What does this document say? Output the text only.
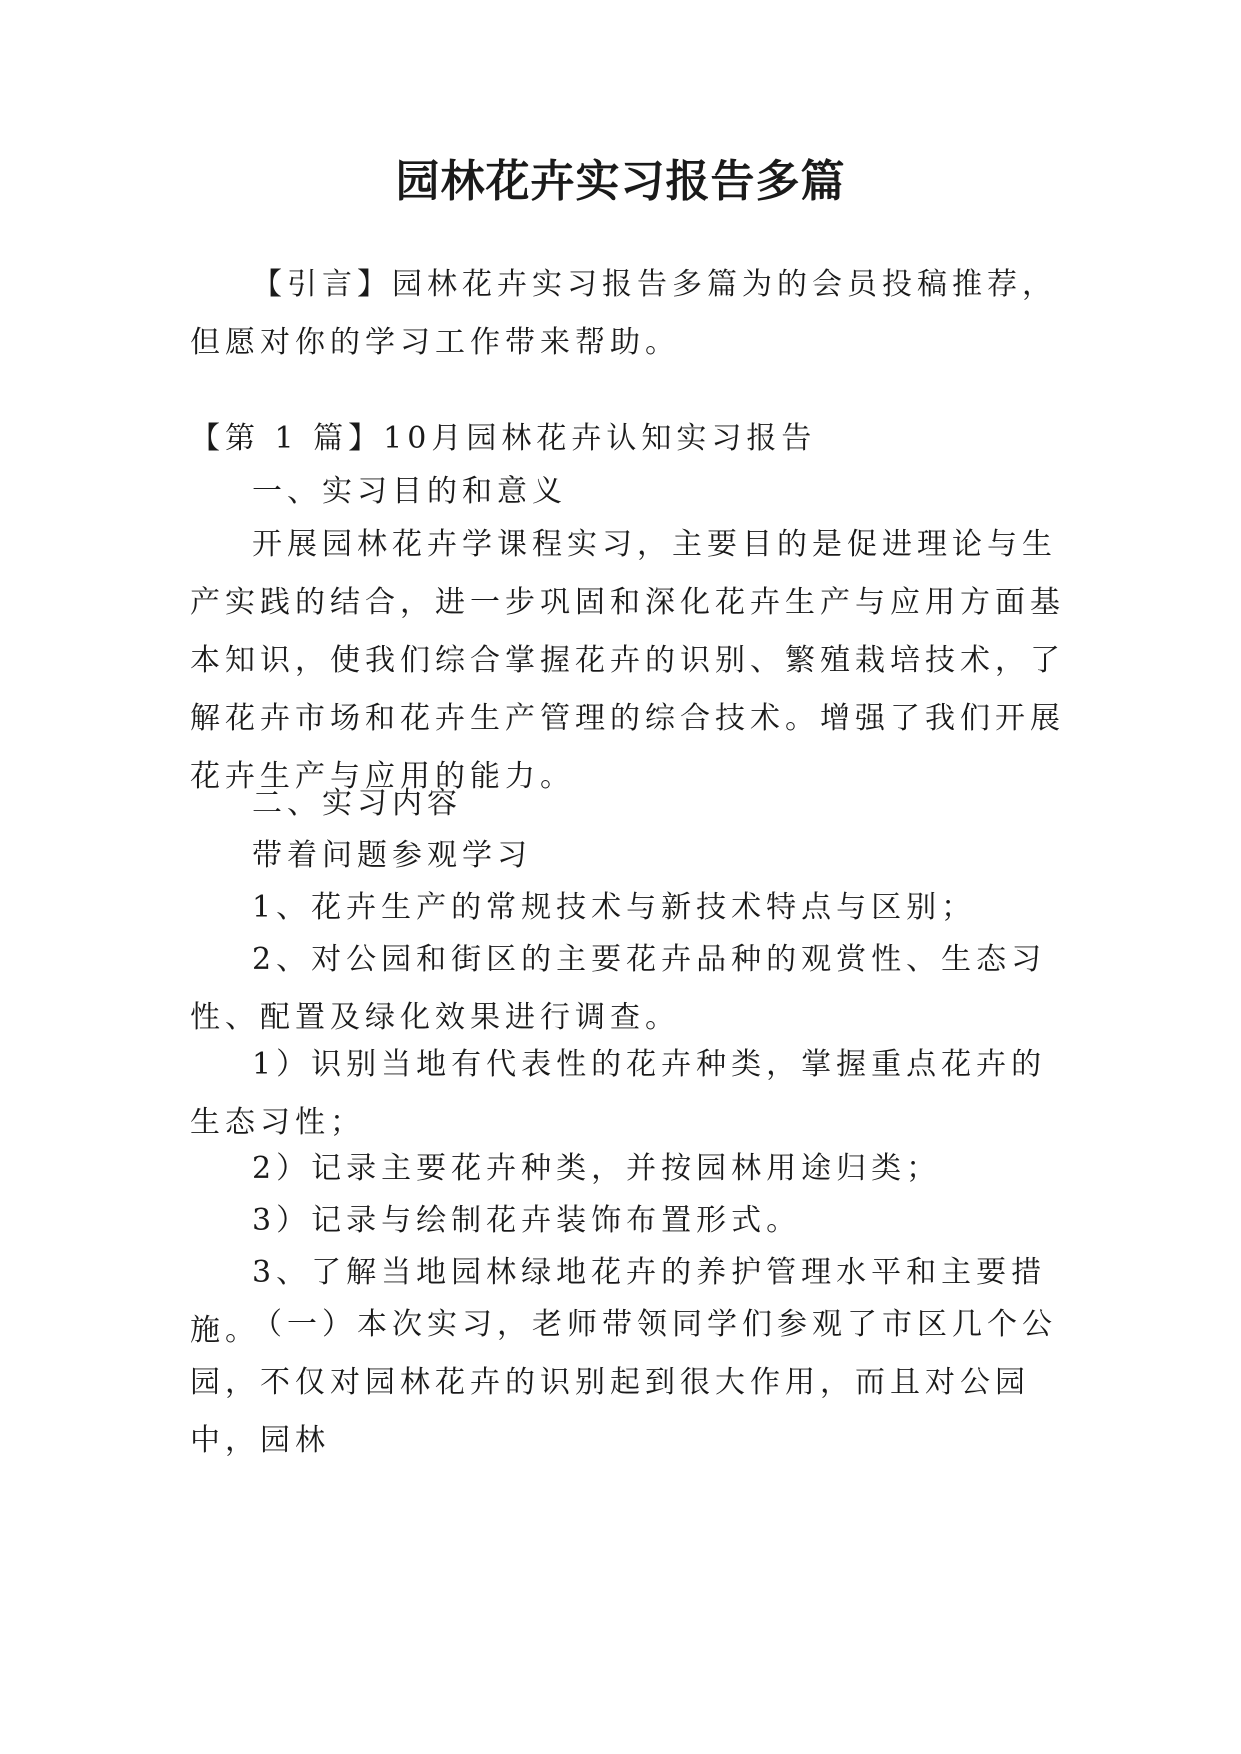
园林花卉实习报告多篇
【引言】园林花卉实习报告多篇为的会员投稿推荐，但愿对你的学习工作带来帮助。
【第 1 篇】10月园林花卉认知实习报告
一、实习目的和意义
开展园林花卉学课程实习，主要目的是促进理论与生产实践的结合，进一步巩固和深化花卉生产与应用方面基本知识，使我们综合掌握花卉的识别、繁殖栽培技术，了解花卉市场和花卉生产管理的综合技术。增强了我们开展花卉生产与应用的能力。
二、实习内容
带着问题参观学习
1、花卉生产的常规技术与新技术特点与区别；
2、对公园和街区的主要花卉品种的观赏性、生态习性、配置及绿化效果进行调查。
1）识别当地有代表性的花卉种类，掌握重点花卉的生态习性；
2）记录主要花卉种类，并按园林用途归类；
3）记录与绘制花卉装饰布置形式。
3、了解当地园林绿地花卉的养护管理水平和主要措施。
（一）本次实习，老师带领同学们参观了市区几个公园，不仅对园林花卉的识别起到很大作用，而且对公园中，园林
